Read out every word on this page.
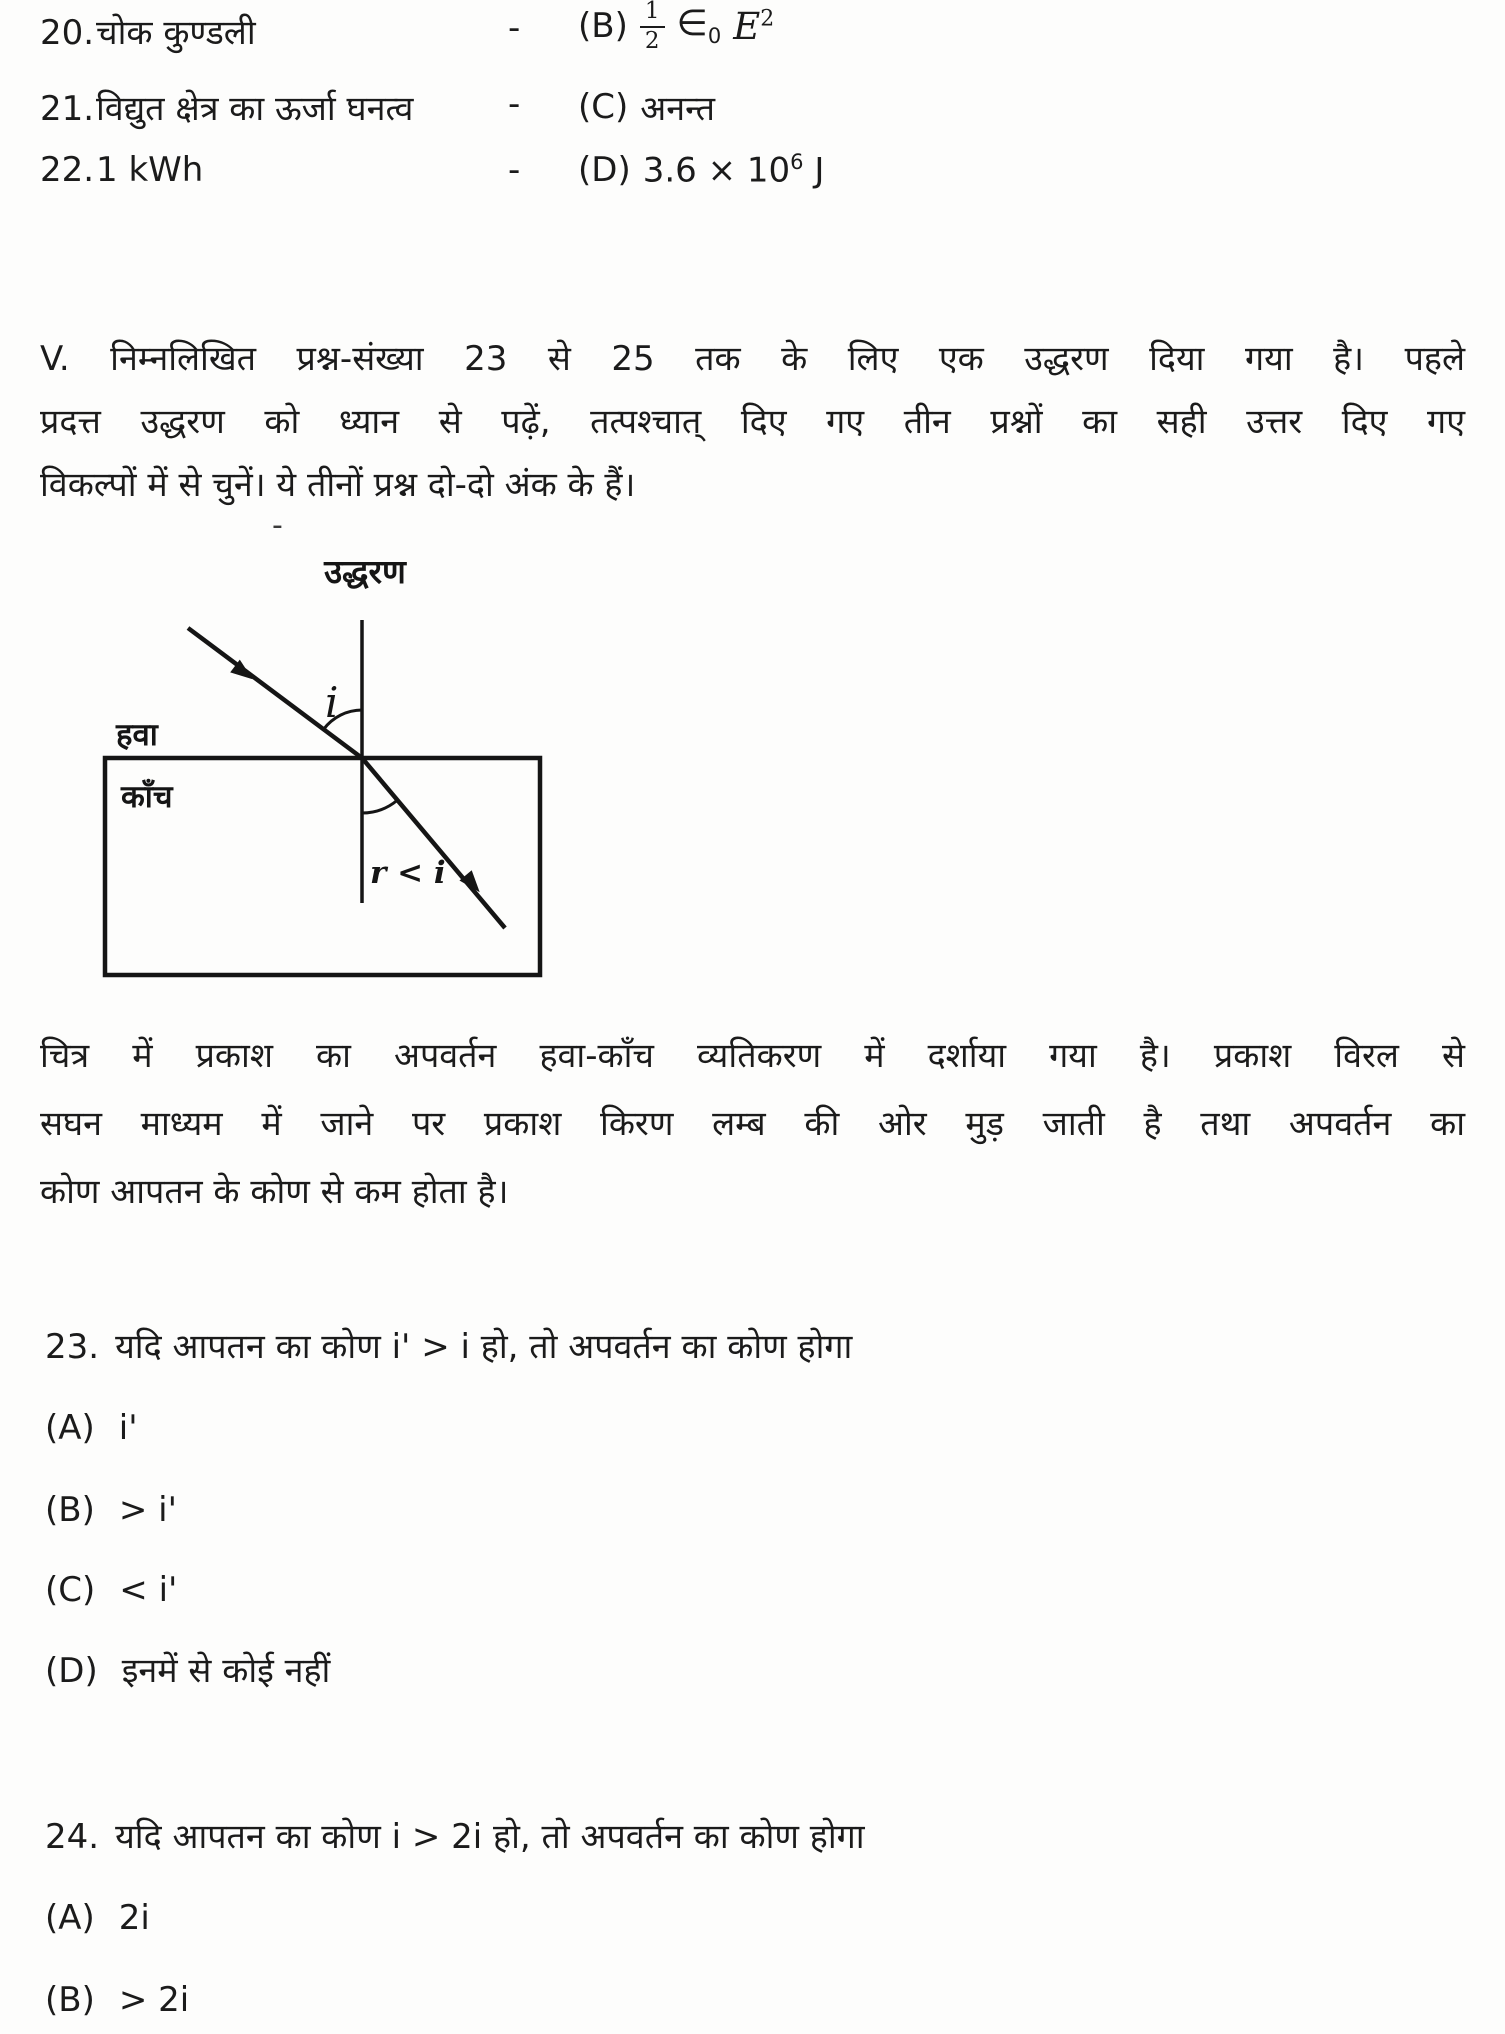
20.चोक कुण्डली	- $(B) \frac{1}{2}$ $\in_0$ $E^2$
21.विद्युत क्षेत्र का ऊर्जा घनत्व	- (C) अनन्त
22.1 kWh	- (D) $3.6 \times 10^6$ J
V. निम्नलिखित प्रश्न-संख्या 23 से 25 तक के लिए एक उद्धरण दिया गया है। पहले
प्रदत्त उद्धरण को ध्यान से पढ़ें, तत्पश्चात् दिए गए तीन प्रश्नों का सही उत्तर दिए गए
विकल्पों में से चुनें। ये तीनों प्रश्न दो-दो अंक के हैं।
-
उद्धरण
i
r < i
हवा
काँच
चित्र में प्रकाश का अपवर्तन हवा-काँच व्यतिकरण में दर्शाया गया है। प्रकाश विरल से
सघन माध्यम में जाने पर प्रकाश किरण लम्ब की ओर मुड़ जाती है तथा अपवर्तन का
कोण आपतन के कोण से कम होता है।
23. यदि आपतन का कोण i' > i हो, तो अपवर्तन का कोण होगा
(A) i'
(B) > i'
(C) < i'
(D) इनमें से कोई नहीं
24. यदि आपतन का कोण i > 2i हो, तो अपवर्तन का कोण होगा
(A) 2i
(B) > 2i
